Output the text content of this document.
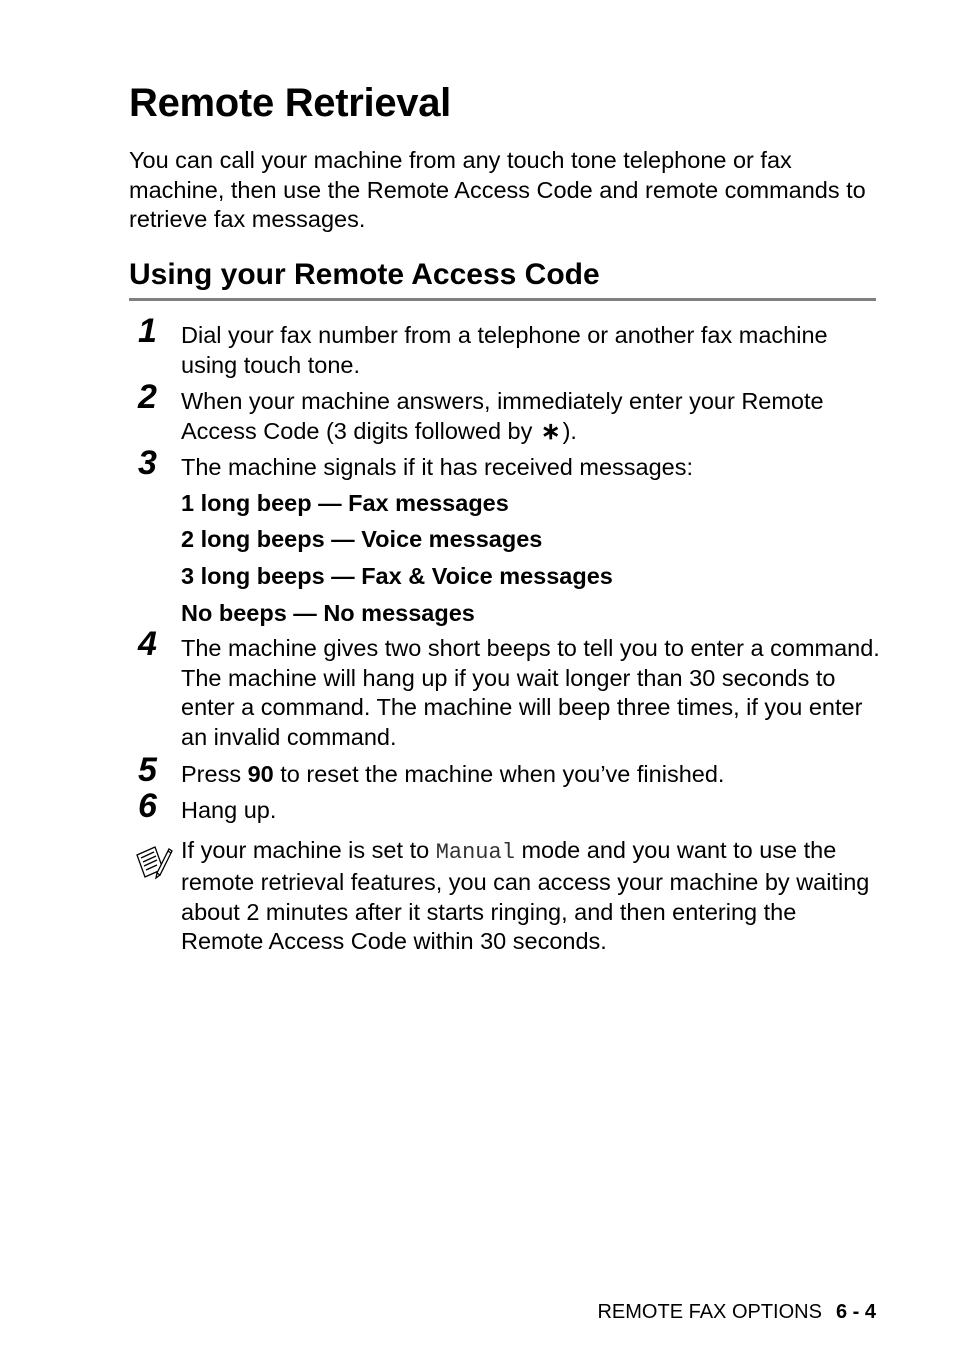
Remote Retrieval

You can call your machine from any touch tone telephone or fax machine, then use the Remote Access Code and remote commands to retrieve fax messages.

Using your Remote Access Code
1	Dial your fax number from a telephone or another fax machine using touch tone.
2	When your machine answers, immediately enter your Remote Access Code (3 digits followed by ∗).
3	The machine signals if it has received messages:
1 long beep — Fax messages
2 long beeps — Voice messages
3 long beeps — Fax & Voice messages
No beeps — No messages
4	The machine gives two short beeps to tell you to enter a command. The machine will hang up if you wait longer than 30 seconds to enter a command. The machine will beep three times, if you enter an invalid command.
5	Press 90 to reset the machine when you’ve finished.
6	Hang up.
If your machine is set to Manual mode and you want to use the remote retrieval features, you can access your machine by waiting about 2 minutes after it starts ringing, and then entering the Remote Access Code within 30 seconds.
REMOTE FAX OPTIONS 6 - 4
